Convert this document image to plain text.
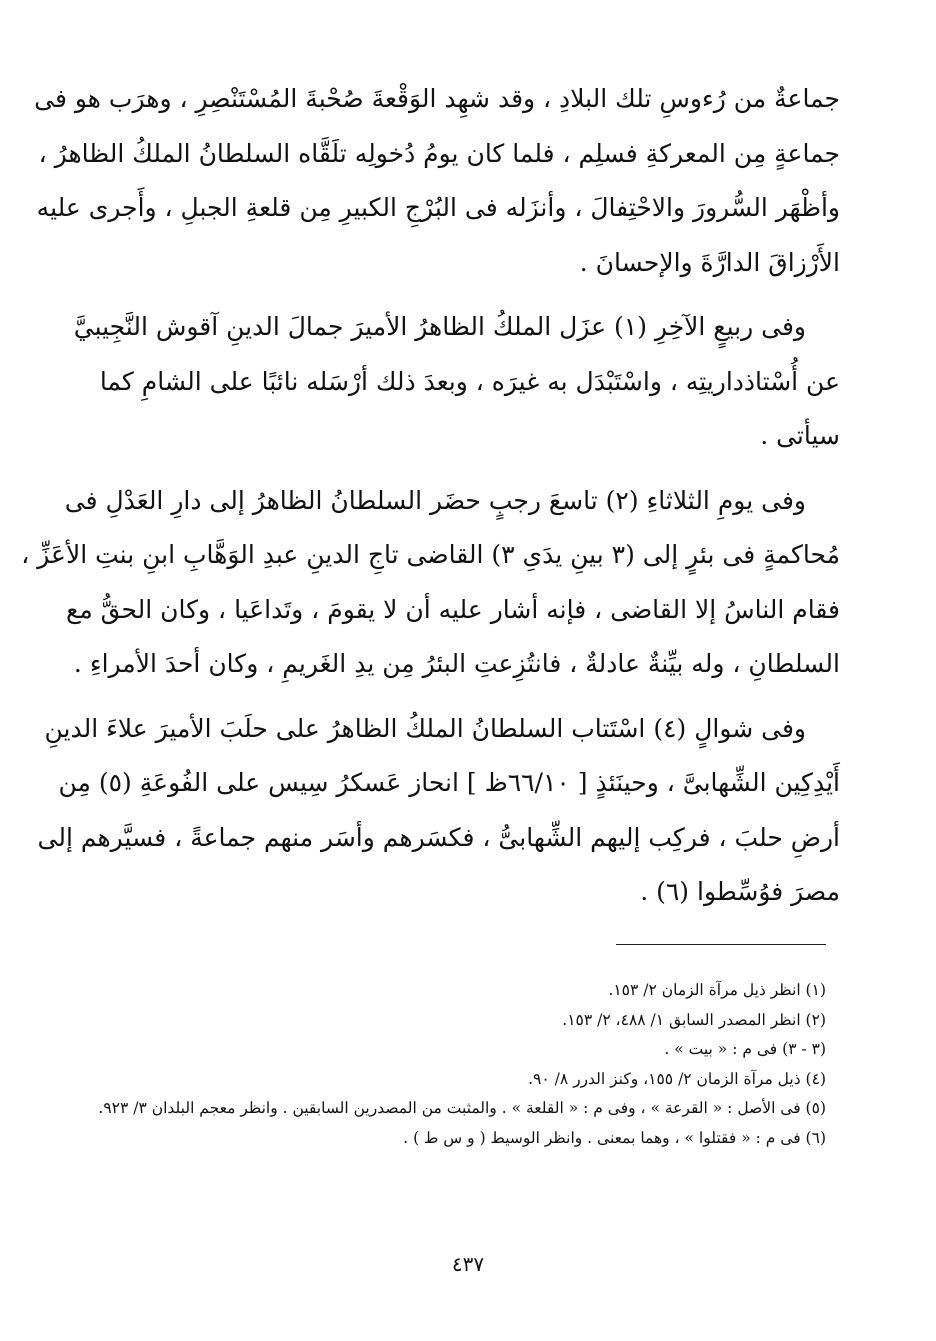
جماعةٌ من رُءوسِ تلك البلادِ ، وقد شهِد الوَقْعةَ صُحْبةَ المُسْتَنْصِرِ ، وهرَب هو فى
جماعةٍ مِن المعركةِ فسلِم ، فلما كان يومُ دُخولِه تلَقَّاه السلطانُ الملكُ الظاهرُ ،
وأظْهَر السُّرورَ والاحْتِفالَ ، وأنزَله فى البُرْجِ الكبيرِ مِن قلعةِ الجبلِ ، وأَجرى عليه
الأَرْزاقَ الدارَّةَ والإحسانَ .
وفى ربيعٍ الآخِرِ (١) عزَل الملكُ الظاهرُ الأميرَ جمالَ الدينِ آقوش النَّجِيبيَّ
عن أُسْتاذداريتِه ، واسْتَبْدَل به غيرَه ، وبعدَ ذلك أرْسَله نائبًا على الشامِ كما
سيأتى .
وفى يومِ الثلاثاءِ (٢) تاسعَ رجبٍ حضَر السلطانُ الظاهرُ إلى دارِ العَدْلِ فى
مُحاكمةٍ فى بئرٍ إلى (٣ بينِ يدَىِ ٣) القاضى تاجِ الدينِ عبدِ الوَهَّابِ ابنِ بنتِ الأعَزِّ ،
فقام الناسُ إلا القاضى ، فإنه أشار عليه أن لا يقومَ ، وتَداعَيا ، وكان الحقُّ مع
السلطانِ ، وله بيِّنةٌ عادلةٌ ، فانتُزِعتِ البئرُ مِن يدِ الغَريمِ ، وكان أحدَ الأمراءِ .
وفى شوالٍ (٤) اسْتَتاب السلطانُ الملكُ الظاهرُ على حلَبَ الأميرَ علاءَ الدينِ
أَيْدِكِين الشِّهابىَّ ، وحينَئذٍ [ ٦٦/١٠ظ ] انحاز عَسكرُ سِيس على الفُوعَةِ (٥) مِن
أرضِ حلبَ ، فركِب إليهم الشِّهابىُّ ، فكسَرهم وأسَر منهم جماعةً ، فسيَّرهم إلى
مصرَ فوُسِّطوا (٦) .
(١) انظر ذيل مرآة الزمان ٢/ ١٥٣.
(٢) انظر المصدر السابق ١/ ٤٨٨، ٢/ ١٥٣.
(٣ - ٣) فى م : « بيت » .
(٤) ذيل مرآة الزمان ٢/ ١٥٥، وكنز الدرر ٨/ ٩٠.
(٥) فى الأصل : « القرعة » ، وفى م : « القلعة » . والمثبت من المصدرين السابقين . وانظر معجم البلدان ٣/ ٩٢٣.
(٦) فى م : « فقتلوا » ، وهما بمعنى . وانظر الوسيط ( و س ط ) .
٤٣٧
